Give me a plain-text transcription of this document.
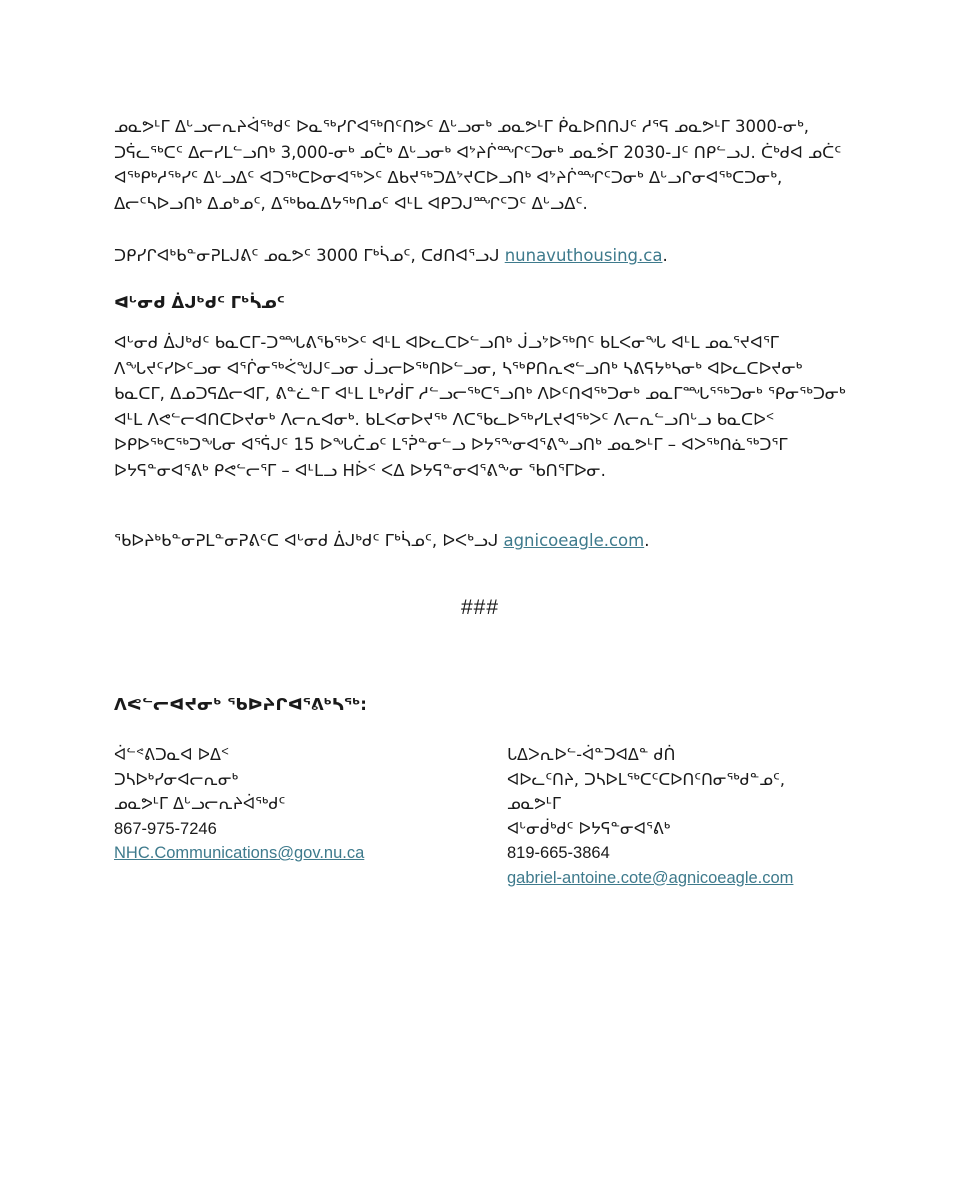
ᓄᓇᕗᒻᒥ ᐃᒡᓗᓕᕆᔨᐋᖅᑯᑦ ᐅᓇᖅᓯᒋᐊᖅᑎᑦᑎᕗᑦ ᐃᒡᓗᓂᒃ ᓄᓇᕗᒻᒥ ᑮᓇᐅᑎᑎᒍᑦ ᓱᕐᕋ ᓄᓇᕗᒻᒥ 3000-ᓂᒃ, ᑐᕌᓚᖅᑕᑦ ᐃᓕᓯᒪᓪᓗᑎᒃ 3,000-ᓂᒃ ᓄᑖᒃ ᐃᒡᓗᓂᒃ ᐊᔾᔨᒌᙱᑦᑐᓂᒃ ᓄᓇᕘᒥ 2030-ᒧᑦ ᑎᑭᓪᓗᒍ. ᑖᒃᑯᐊ ᓄᑖᑦ ᐊᖅᑭᒃᓱᖅᓯᑦ ᐃᒡᓗᐃᑦ ᐊᑐᖅᑕᐅᓂᐊᖅᐳᑦ ᐃᑲᔪᖅᑐᐃᔾᔪᑕᐅᓗᑎᒃ ᐊᔾᔨᒌᙱᑦᑐᓂᒃ ᐃᒡᓗᒋᓂᐊᖅᑕᑐᓂᒃ, ᐃᓕᑦᓴᐅᓗᑎᒃ ᐃᓄᒃᓄᑦ, ᐃᖅᑲᓇᐃᔭᖅᑎᓄᑦ ᐊᒻᒪ ᐊᑭᑐᒍᙱᑦᑐᑦ ᐃᒡᓗᐃᑦ.

ᑐᑭᓯᒋᐊᒃᑲᓐᓂᕈᒪᒍᕕᑦ ᓄᓇᕗᑦ 3000 ᒥᒃᓵᓄᑦ, ᑕᑯᑎᐊᕐᓗᒍ nunavuthousing.ca.

ᐊᒡᓂᑯ ᐄᒍᒃᑯᑦ ᒥᒃᓵᓄᑦ

ᐊᒡᓂᑯ ᐄᒍᒃᑯᑦ ᑲᓇᑕᒥ-ᑐᙵᕕᖃᖅᐳᑦ ᐊᒻᒪ ᐊᐅᓚᑕᐅᓪᓗᑎᒃ ᒎᓗᔾᐅᖅᑎᑦ ᑲᒪᐸᓂᖓ ᐊᒻᒪ ᓄᓇᕐᔪᐊᕐᒥ ᐱᖓᔪᑦᓯᐅᑦᓗᓂ ᐊᕐᒌᓂᖅᐹᖑᒍᑦᓗᓂ ᒎᓗᓕᐅᖅᑎᐅᓪᓗᓂ, ᓴᖅᑭᑎᕆᕙᓪᓗᑎᒃ ᓴᕕᕋᔭᒃᓴᓂᒃ ᐊᐅᓚᑕᐅᔪᓂᒃ ᑲᓇᑕᒥ, ᐃᓄᑐᕋᐃᓕᐊᒥ, ᕕᓐᓛᓐᒥ ᐊᒻᒪ ᒪᒃᓯᑰᒥ ᓱᓪᓗᓕᖅᑕᕐᓗᑎᒃ ᐱᐅᑦᑎᐊᖅᑐᓂᒃ ᓄᓇᒥᙵᕐᖅᑐᓂᒃ ᕿᓂᖅᑐᓂᒃ ᐊᒻᒪ ᐱᕙᓪᓕᐊᑎᑕᐅᔪᓂᒃ ᐱᓕᕆᐊᓂᒃ. ᑲᒪᐸᓂᐅᔪᖅ ᐱᑕᖃᓚᐅᖅᓯᒪᔪᐊᖅᐳᑦ ᐱᓕᕆᓪᓗᑎᒡᓗ ᑲᓇᑕᐅᑉ ᐅᑭᐅᖅᑕᖅᑐᖓᓂ ᐊᕐᕌᒍᑦ 15 ᐅᖓᑖᓄᑦ ᒪᕐᕉᓐᓂᓪᓗ ᐅᔭᕐᖕᓂᐊᕐᕕᖕᓗᑎᒃ ᓄᓇᕗᒻᒥ – ᐊᐳᖅᑎᓈᖅᑐᕐᒥ ᐅᔭᕋᓐᓂᐊᕐᕕᒃ ᑭᕙᓪᓕᕐᒥ – ᐊᒻᒪᓗ ᕼᐆᑉ ᐸᐃ ᐅᔭᕋᓐᓂᐊᕐᕕᖕᓂ ᖃᑎᕐᒥᐅᓂ.

ᖃᐅᔨᒃᑲᓐᓂᕈᒪᓐᓂᕈᕕᑦᑕ ᐊᒡᓂᑯ ᐄᒍᒃᑯᑦ ᒥᒃᓵᓄᑦ, ᐅᐸᒃᓗᒍ agnicoeagle.com.

###

ᐱᕙᓪᓕᐊᔪᓂᒃ ᖃᐅᔨᒋᐊᕐᕕᒃᓴᖅ:

ᐋᓪᕝᕕᑐᓇᐊ ᐅᐃᑉ
ᑐᓴᐅᒃᓯᓂᐊᓕᕆᓂᒃ
ᓄᓇᕗᒻᒥ ᐃᒡᓗᓕᕆᔨᐋᖅᑯᑦ
867-975-7246
NHC.Communications@gov.nu.ca
ᒐᐃᐳᕆᐅᓪ-ᐋᓐᑐᐊᐃᓐ ᑯᑏ
ᐊᐅᓚᑦᑎᔨ, ᑐᓴᐅᒪᖅᑕᑦᑕᐅᑎᑦᑎᓂᕐᒃᑯᓐᓄᑦ,
ᓄᓇᕗᒻᒥ
ᐊᒡᓂᑰᒃᑯᑦ ᐅᔭᕋᓐᓂᐊᕐᕕᒃ
819-665-3864
gabriel-antoine.cote@agnicoeagle.com
